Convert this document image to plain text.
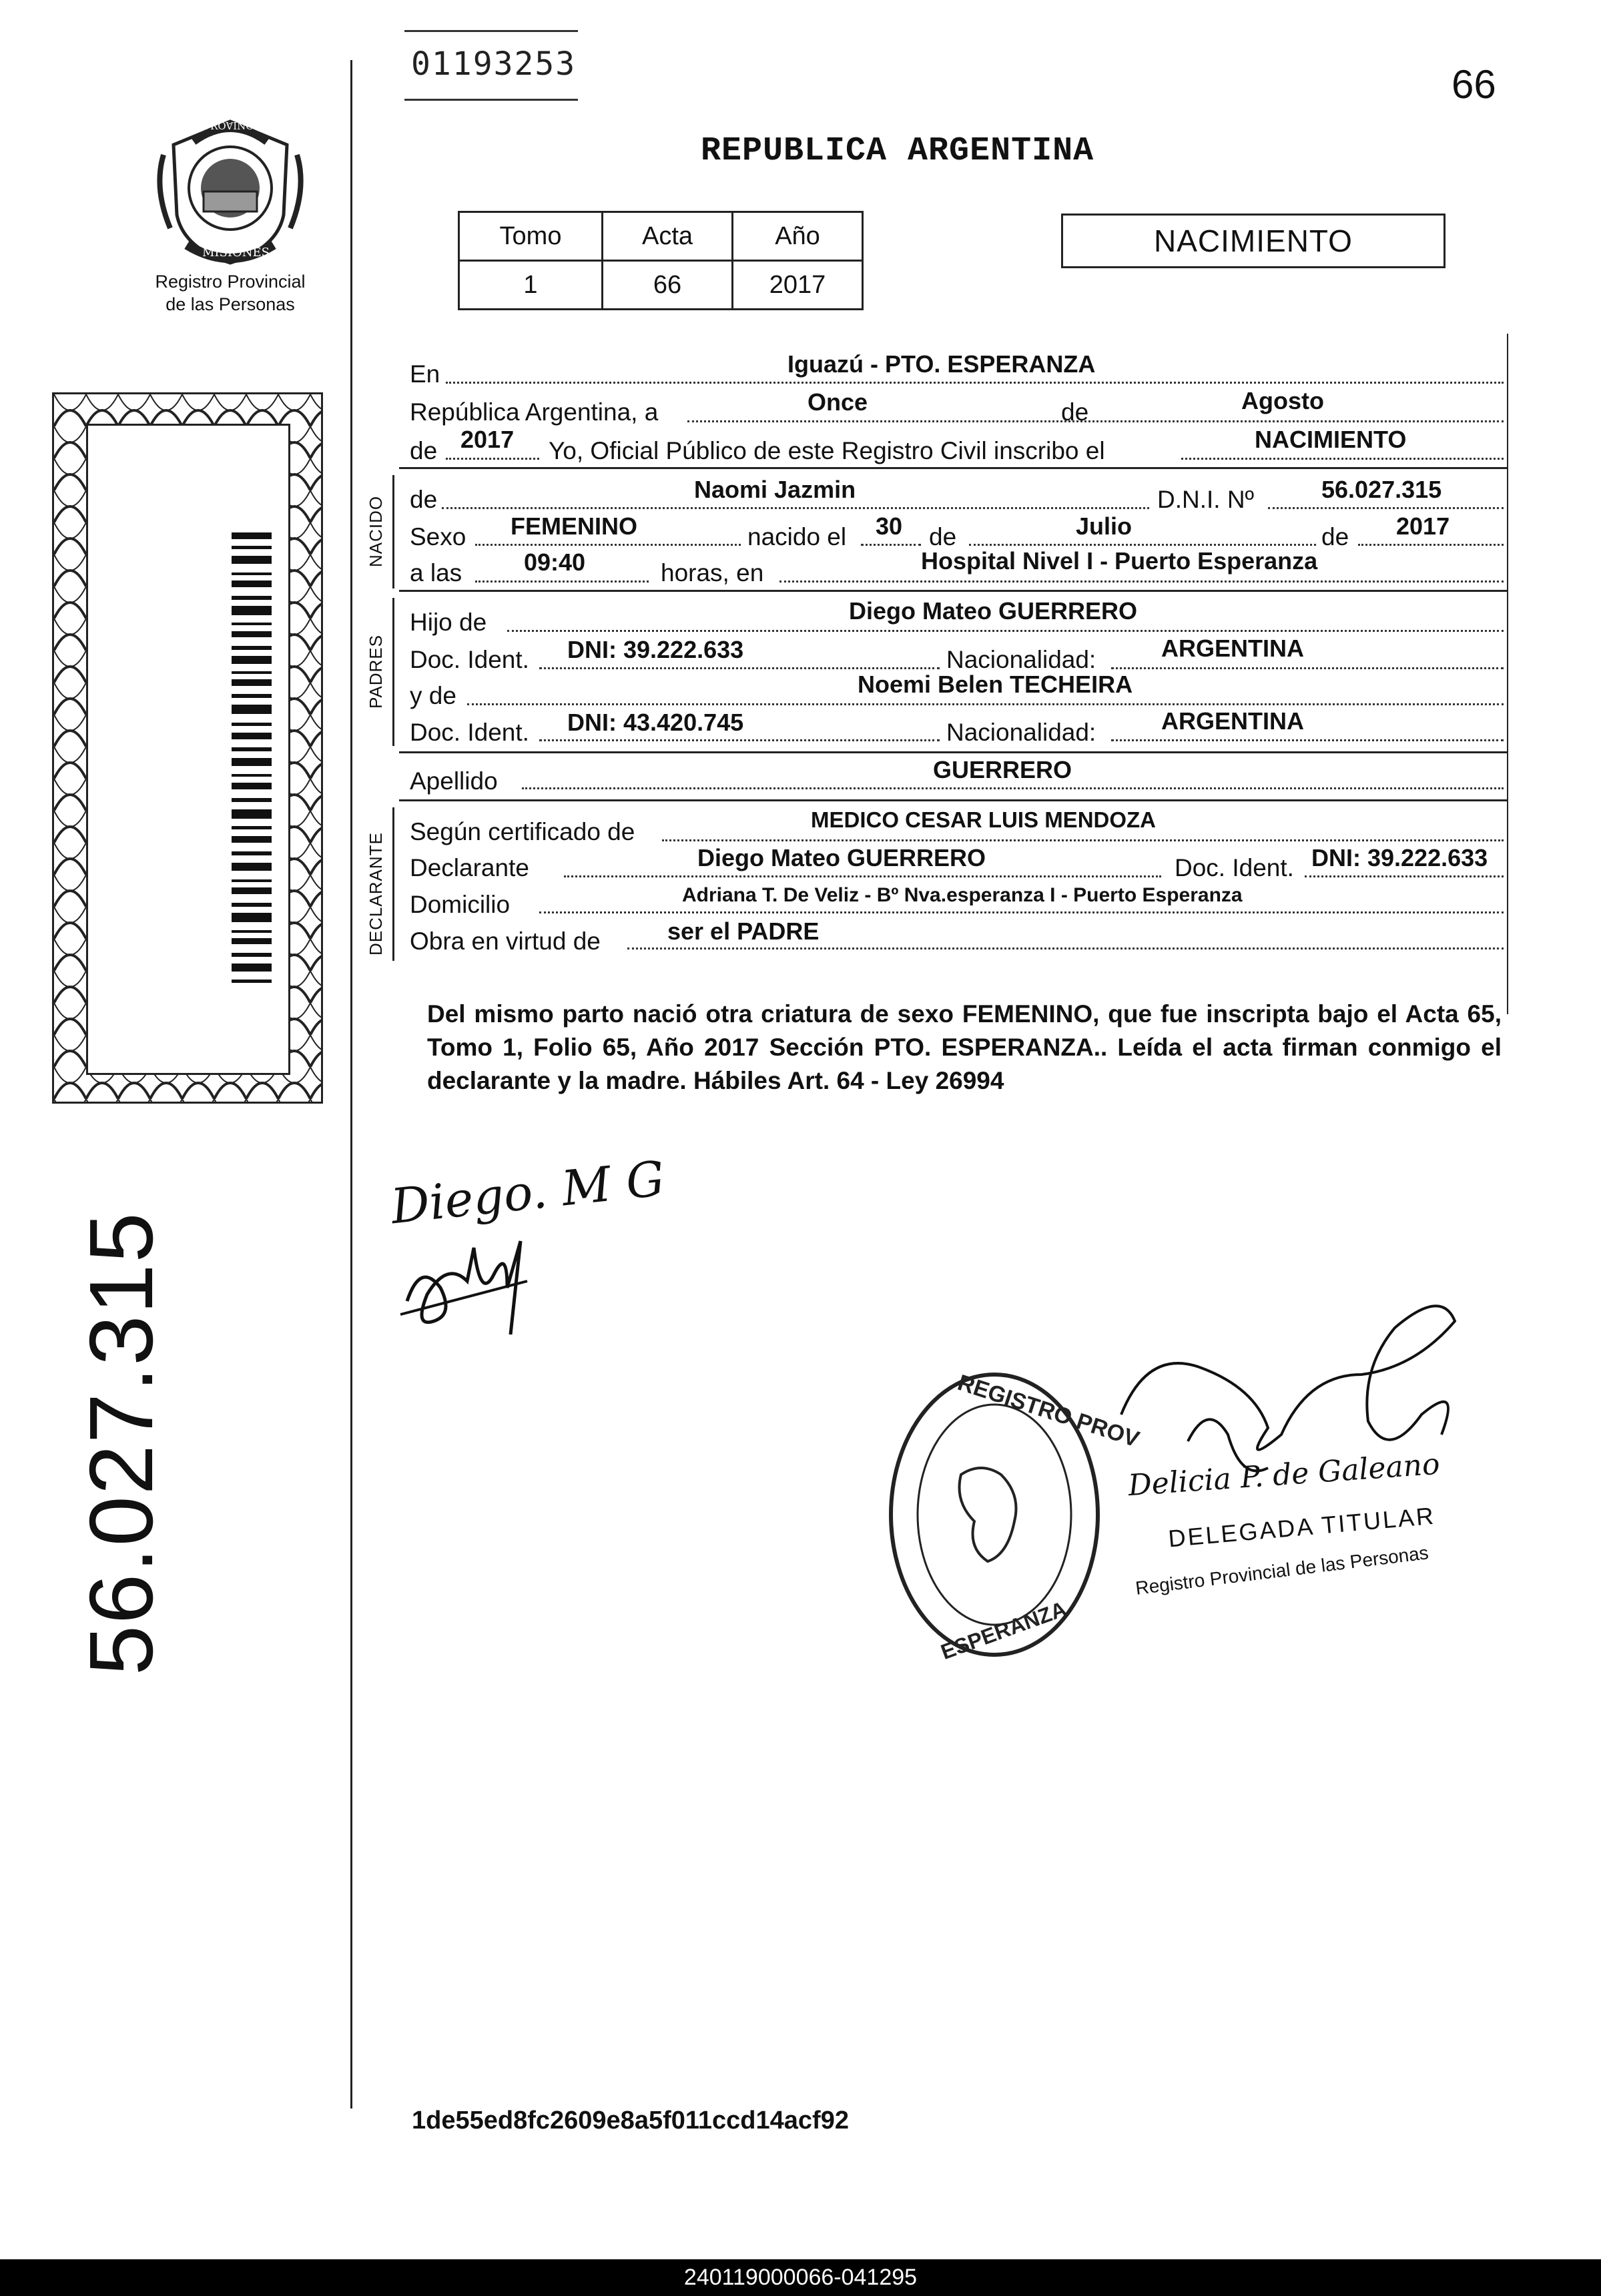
01193253	66
REPUBLICA ARGENTINA
PROVINCIA DE
MISIONES
Registro Provincial
de las Personas
Tomo	Acta	Año
1	66	2017
NACIMIENTO
56.027.315
En	Iguazú - PTO. ESPERANZA
República Argentina, a	Once	de	Agosto
de 2017 Yo, Oficial Público de este Registro Civil inscribo el	NACIMIENTO
NACIDO de	Naomi Jazmin	D.N.I. Nº	56.027.315
Sexo FEMENINO	nacido el 30 de	Julio	de 2017
a las	09:40	horas, en	Hospital Nivel I - Puerto Esperanza
PADRES
Hijo de	Diego Mateo GUERRERO
Doc. Ident. DNI: 39.222.633	Nacionalidad:	ARGENTINA
y de	Noemi Belen TECHEIRA
Doc. Ident. DNI: 43.420.745	Nacionalidad:	ARGENTINA
Apellido	GUERRERO
DECLARANTE
Según certificado de	MEDICO CESAR LUIS MENDOZA
Declarante	Diego Mateo GUERRERO	Doc. Ident. DNI: 39.222.633
Domicilio	Adriana T. De Veliz - Bº Nva.esperanza I - Puerto Esperanza
Obra en virtud de	ser el PADRE
Del mismo parto nació otra criatura de sexo FEMENINO, que fue inscripta bajo el Acta 65, Tomo 1, Folio 65, Año 2017 Sección PTO. ESPERANZA.. Leída el acta firman conmigo el declarante y la madre. Hábiles Art. 64 - Ley 26994
Diego. M G
REGISTRO PROV
ESPERANZA
Delicia P. de Galeano
DELEGADA TITULAR
Registro Provincial de las Personas
1de55ed8fc2609e8a5f011ccd14acf92
240119000066-041295
